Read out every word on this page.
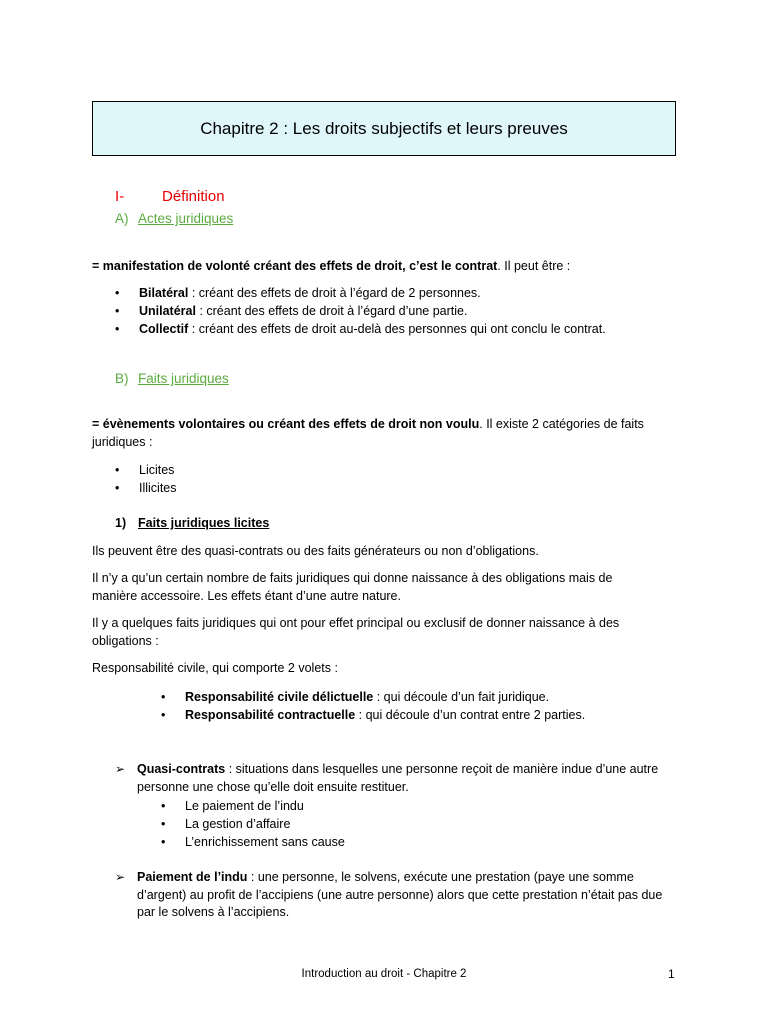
Chapitre 2 : Les droits subjectifs et leurs preuves
I-	Définition
A) Actes juridiques
= manifestation de volonté créant des effets de droit, c’est le contrat. Il peut être :
•	Bilatéral : créant des effets de droit à l’égard de 2 personnes.
•	Unilatéral : créant des effets de droit à l’égard d’une partie.
•	Collectif : créant des effets de droit au-delà des personnes qui ont conclu le contrat.
B) Faits juridiques
= évènements volontaires ou créant des effets de droit non voulu. Il existe 2 catégories de faits juridiques :
•	Licites
•	Illicites
1) Faits juridiques licites
Ils peuvent être des quasi-contrats ou des faits générateurs ou non d’obligations.
Il n’y a qu’un certain nombre de faits juridiques qui donne naissance à des obligations mais de manière accessoire. Les effets étant d’une autre nature.
Il y a quelques faits juridiques qui ont pour effet principal ou exclusif de donner naissance à des obligations :
Responsabilité civile, qui comporte 2 volets :
•	Responsabilité civile délictuelle : qui découle d’un fait juridique.
•	Responsabilité contractuelle : qui découle d’un contrat entre 2 parties.
➢ Quasi-contrats : situations dans lesquelles une personne reçoit de manière indue d’une autre personne une chose qu’elle doit ensuite restituer.
•	Le paiement de l’indu
•	La gestion d’affaire
•	L’enrichissement sans cause
➢ Paiement de l’indu : une personne, le solvens, exécute une prestation (paye une somme d’argent) au profit de l’accipiens (une autre personne) alors que cette prestation n’était pas due par le solvens à l’accipiens.
Introduction au droit - Chapitre 2	1
